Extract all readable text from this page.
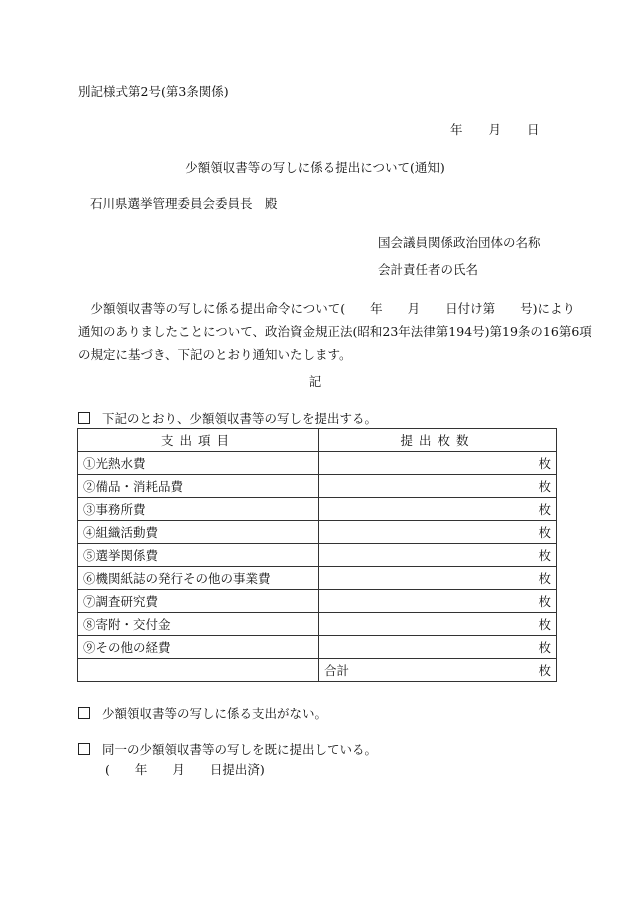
別記様式第2号(第3条関係)
年 月 日
少額領収書等の写しに係る提出について(通知)
石川県選挙管理委員会委員長　殿
国会議員関係政治団体の名称
会計責任者の氏名
　少額領収書等の写しに係る提出命令について(　　年　　月　　日付け第　　号)により
通知のありましたことについて、政治資金規正法(昭和23年法律第194号)第19条の16第6項
の規定に基づき、下記のとおり通知いたします。
記
下記のとおり、少額領収書等の写しを提出する。
支出項目	提出枚数
①光熱水費	枚
②備品・消耗品費	枚
③事務所費	枚
④組織活動費	枚
⑤選挙関係費	枚
⑥機関紙誌の発行その他の事業費	枚
⑦調査研究費	枚
⑧寄附・交付金	枚
⑨その他の経費	枚

	合計 枚
少額領収書等の写しに係る支出がない。
同一の少額領収書等の写しを既に提出している。
(　　年　　月　　日提出済)
